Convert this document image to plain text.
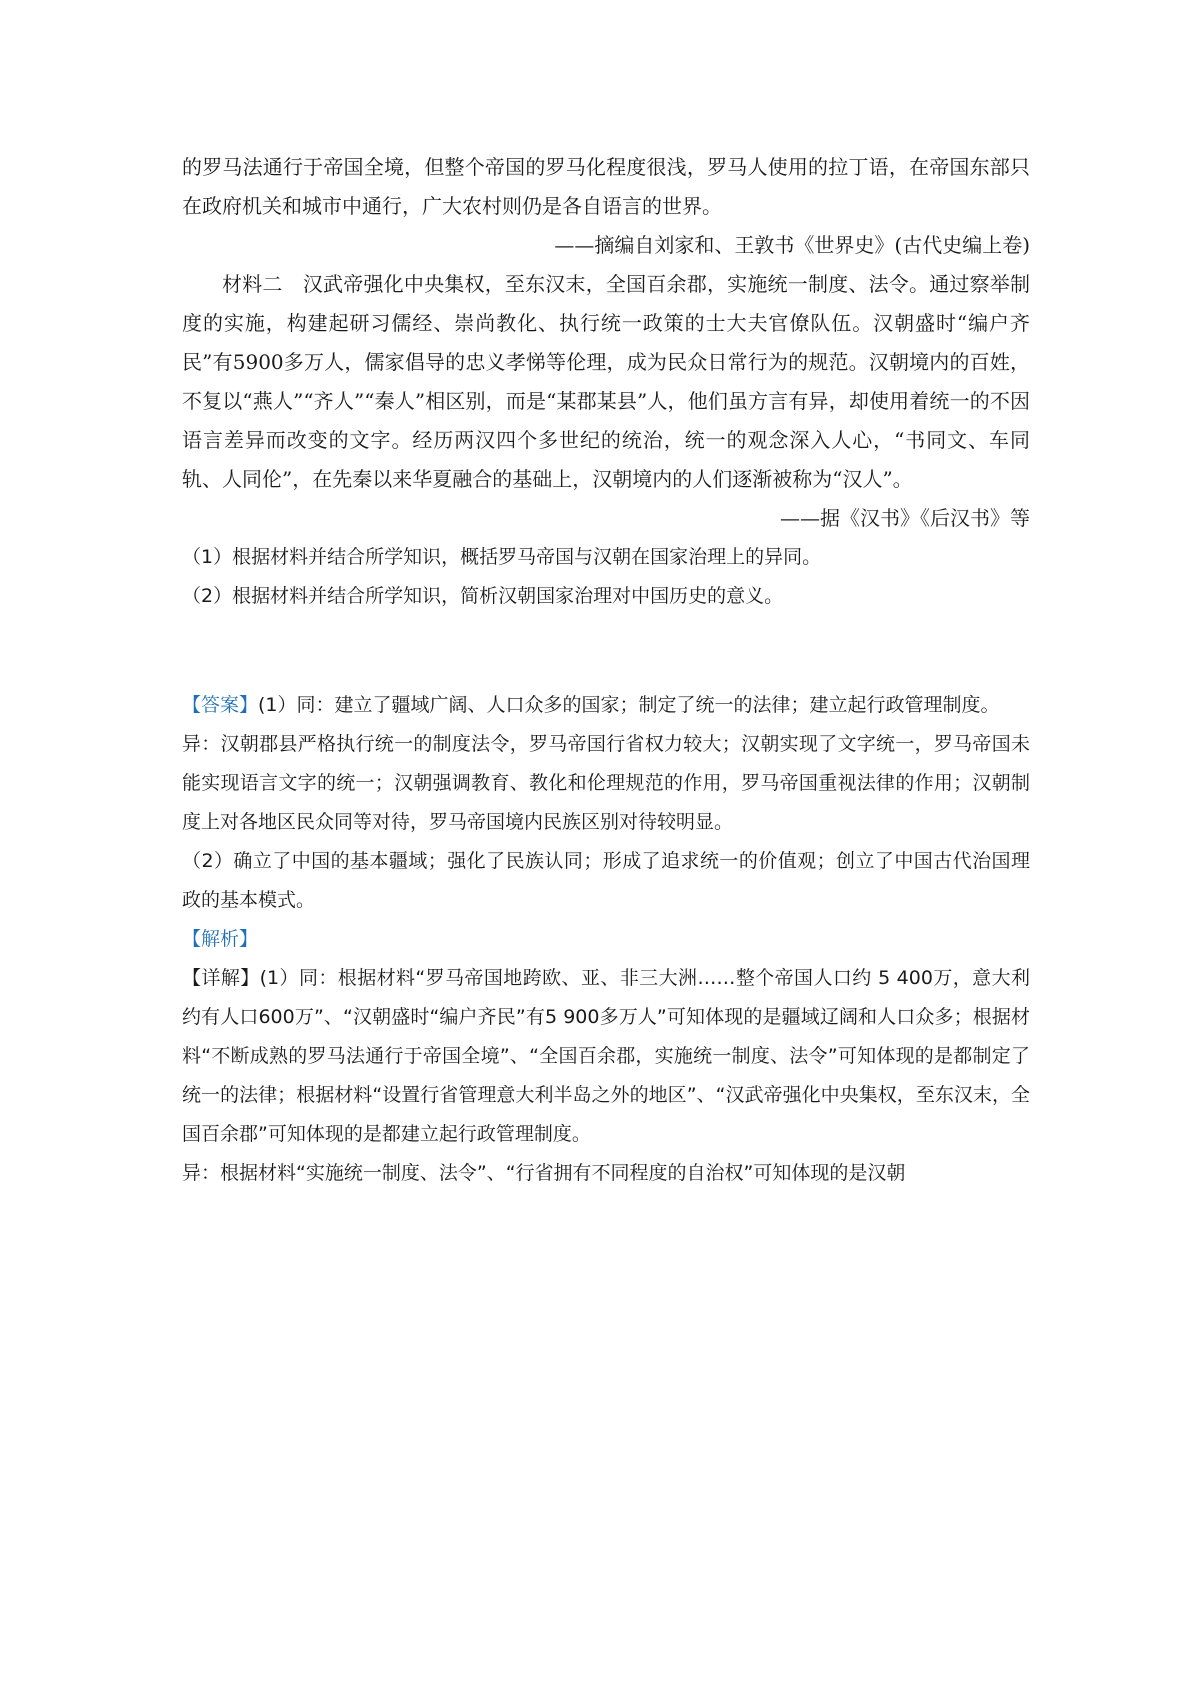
的罗马法通行于帝国全境，但整个帝国的罗马化程度很浅，罗马人使用的拉丁语，在帝国东部只在政府机关和城市中通行，广大农村则仍是各自语言的世界。

——摘编自刘家和、王敦书《世界史》(古代史编上卷)

材料二　 汉武帝强化中央集权，至东汉末，全国百余郡，实施统一制度、法令。通过察举制度的实施，构建起研习儒经、崇尚教化、执行统一政策的士大夫官僚队伍。汉朝盛时“编户齐民”有5900多万人，儒家倡导的忠义孝悌等伦理，成为民众日常行为的规范。汉朝境内的百姓，不复以“燕人”“齐人”“秦人”相区别，而是“某郡某县”人，他们虽方言有异，却使用着统一的不因语言差异而改变的文字。经历两汉四个多世纪的统治，统一的观念深入人心，“书同文、车同轨、人同伦”，在先秦以来华夏融合的基础上，汉朝境内的人们逐渐被称为“汉人”。

——据《汉书》《后汉书》等

（1）根据材料并结合所学知识，概括罗马帝国与汉朝在国家治理上的异同。

（2）根据材料并结合所学知识，简析汉朝国家治理对中国历史的意义。

【答案】(1）同：建立了疆域广阔、人口众多的国家；制定了统一的法律；建立起行政管理制度。

异：汉朝郡县严格执行统一的制度法令，罗马帝国行省权力较大；汉朝实现了文字统一，罗马帝国未能实现语言文字的统一；汉朝强调教育、教化和伦理规范的作用，罗马帝国重视法律的作用；汉朝制度上对各地区民众同等对待，罗马帝国境内民族区别对待较明显。

（2）确立了中国的基本疆域；强化了民族认同；形成了追求统一的价值观；创立了中国古代治国理政的基本模式。

【解析】

【详解】(1）同：根据材料“罗马帝国地跨欧、亚、非三大洲……整个帝国人口约 5 400万，意大利约有人口600万”、“汉朝盛时“编户齐民”有5 900多万人”可知体现的是疆域辽阔和人口众多；根据材料“不断成熟的罗马法通行于帝国全境”、“全国百余郡，实施统一制度、法令”可知体现的是都制定了统一的法律；根据材料“设置行省管理意大利半岛之外的地区”、“汉武帝强化中央集权，至东汉末，全国百余郡”可知体现的是都建立起行政管理制度。

异：根据材料“实施统一制度、法令”、“行省拥有不同程度的自治权”可知体现的是汉朝
